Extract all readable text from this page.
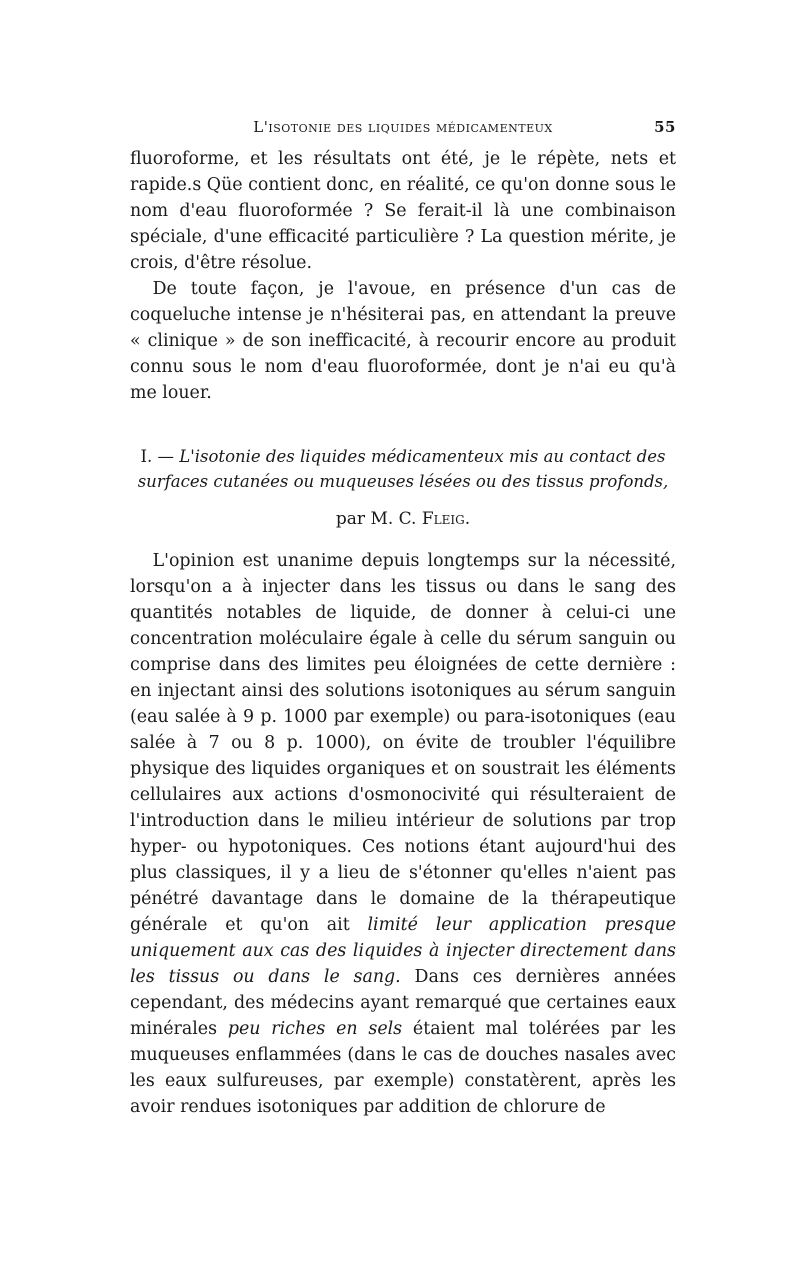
L'isotonie des liquides médicamenteux	55

fluoroforme, et les résultats ont été, je le répète, nets et rapide.s Qüe contient donc, en réalité, ce qu'on donne sous le nom d'eau fluoroformée ? Se ferait-il là une combinaison spéciale, d'une efficacité particulière ? La question mérite, je crois, d'être résolue.

De toute façon, je l'avoue, en présence d'un cas de coqueluche intense je n'hésiterai pas, en attendant la preuve « clinique » de son inefficacité, à recourir encore au produit connu sous le nom d'eau fluoroformée, dont je n'ai eu qu'à me louer.

I. — L'isotonie des liquides médicamenteux mis au contact des surfaces cutanées ou muqueuses lésées ou des tissus profonds,

par M. C. Fleig.

L'opinion est unanime depuis longtemps sur la nécessité, lorsqu'on a à injecter dans les tissus ou dans le sang des quantités notables de liquide, de donner à celui-ci une concentration moléculaire égale à celle du sérum sanguin ou comprise dans des limites peu éloignées de cette dernière : en injectant ainsi des solutions isotoniques au sérum sanguin (eau salée à 9 p. 1000 par exemple) ou para-isotoniques (eau salée à 7 ou 8 p. 1000), on évite de troubler l'équilibre physique des liquides organiques et on soustrait les éléments cellulaires aux actions d'osmonocivité qui résulteraient de l'introduction dans le milieu intérieur de solutions par trop hyper- ou hypotoniques. Ces notions étant aujourd'hui des plus classiques, il y a lieu de s'étonner qu'elles n'aient pas pénétré davantage dans le domaine de la thérapeutique générale et qu'on ait limité leur application presque uniquement aux cas des liquides à injecter directement dans les tissus ou dans le sang. Dans ces dernières années cependant, des médecins ayant remarqué que certaines eaux minérales peu riches en sels étaient mal tolérées par les muqueuses enflammées (dans le cas de douches nasales avec les eaux sulfureuses, par exemple) constatèrent, après les avoir rendues isotoniques par addition de chlorure de
